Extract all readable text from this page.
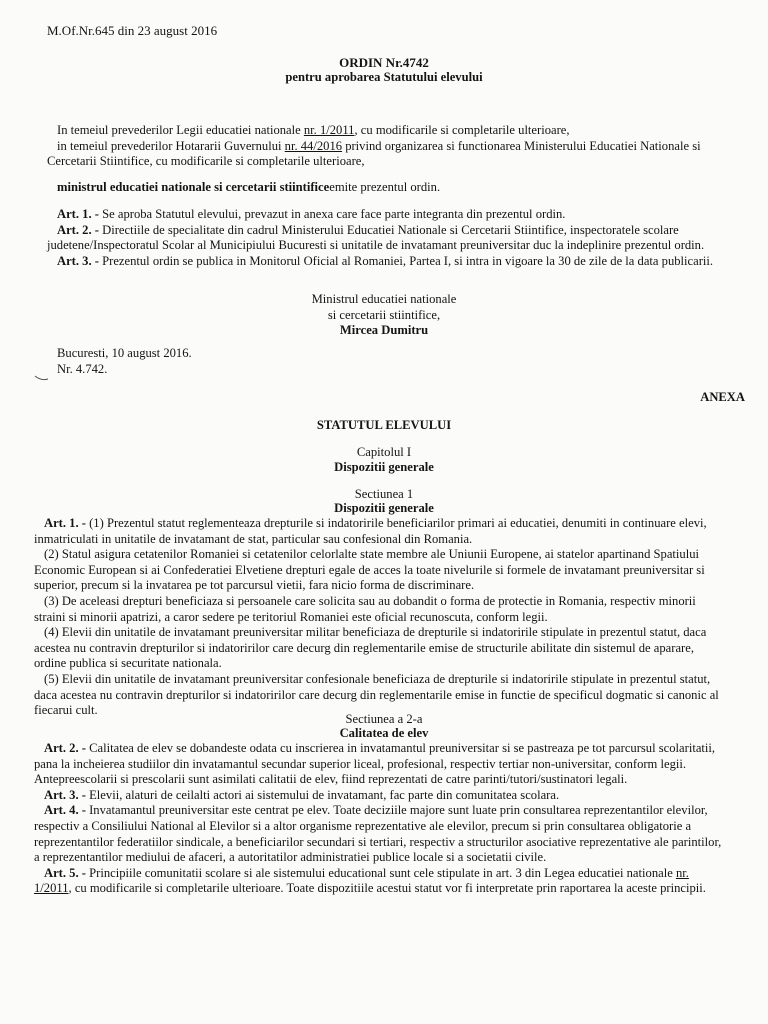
M.Of.Nr.645 din 23 august 2016
ORDIN Nr.4742
pentru aprobarea Statutului elevului

In temeiul prevederilor Legii educatiei nationale nr. 1/2011, cu modificarile si completarile ulterioare,

in temeiul prevederilor Hotararii Guvernului nr. 44/2016 privind organizarea si functionarea Ministerului Educatiei Nationale si Cercetarii Stiintifice, cu modificarile si completarile ulterioare,

ministrul educatiei nationale si cercetarii stiintificeemite prezentul ordin.

Art. 1. - Se aproba Statutul elevului, prevazut in anexa care face parte integranta din prezentul ordin.

Art. 2. - Directiile de specialitate din cadrul Ministerului Educatiei Nationale si Cercetarii Stiintifice, inspectoratele scolare judetene/Inspectoratul Scolar al Municipiului Bucuresti si unitatile de invatamant preuniversitar duc la indeplinire prezentul ordin.

Art. 3. - Prezentul ordin se publica in Monitorul Oficial al Romaniei, Partea I, si intra in vigoare la 30 de zile de la data publicarii.

Ministrul educatiei nationale
si cercetarii stiintifice,
Mircea Dumitru

Bucuresti, 10 august 2016.

Nr. 4.742.

ANEXA
STATUTUL ELEVULUI
Capitolul I
Dispozitii generale
Sectiunea 1
Dispozitii generale

Art. 1. - (1) Prezentul statut reglementeaza drepturile si indatoririle beneficiarilor primari ai educatiei, denumiti in continuare elevi, inmatriculati in unitatile de invatamant de stat, particular sau confesional din Romania.

(2) Statul asigura cetatenilor Romaniei si cetatenilor celorlalte state membre ale Uniunii Europene, ai statelor apartinand Spatiului Economic European si ai Confederatiei Elvetiene drepturi egale de acces la toate nivelurile si formele de invatamant preuniversitar si superior, precum si la invatarea pe tot parcursul vietii, fara nicio forma de discriminare.

(3) De aceleasi drepturi beneficiaza si persoanele care solicita sau au dobandit o forma de protectie in Romania, respectiv minorii straini si minorii apatrizi, a caror sedere pe teritoriul Romaniei este oficial recunoscuta, conform legii.

(4) Elevii din unitatile de invatamant preuniversitar militar beneficiaza de drepturile si indatoririle stipulate in prezentul statut, daca acestea nu contravin drepturilor si indatoririlor care decurg din reglementarile emise de structurile abilitate din sistemul de aparare, ordine publica si securitate nationala.

(5) Elevii din unitatile de invatamant preuniversitar confesionale beneficiaza de drepturile si indatoririle stipulate in prezentul statut, daca acestea nu contravin drepturilor si indatoririlor care decurg din reglementarile emise in functie de specificul dogmatic si canonic al fiecarui cult.

Sectiunea a 2-a
Calitatea de elev

Art. 2. - Calitatea de elev se dobandeste odata cu inscrierea in invatamantul preuniversitar si se pastreaza pe tot parcursul scolaritatii, pana la incheierea studiilor din invatamantul secundar superior liceal, profesional, respectiv tertiar non-universitar, conform legii. Antepreescolarii si prescolarii sunt asimilati calitatii de elev, fiind reprezentati de catre parinti/tutori/sustinatori legali.

Art. 3. - Elevii, alaturi de ceilalti actori ai sistemului de invatamant, fac parte din comunitatea scolara.

Art. 4. - Invatamantul preuniversitar este centrat pe elev. Toate deciziile majore sunt luate prin consultarea reprezentantilor elevilor, respectiv a Consiliului National al Elevilor si a altor organisme reprezentative ale elevilor, precum si prin consultarea obligatorie a reprezentantilor federatiilor sindicale, a beneficiarilor secundari si tertiari, respectiv a structurilor asociative reprezentative ale parintilor, a reprezentantilor mediului de afaceri, a autoritatilor administratiei publice locale si a societatii civile.

Art. 5. - Principiile comunitatii scolare si ale sistemului educational sunt cele stipulate in art. 3 din Legea educatiei nationale nr. 1/2011, cu modificarile si completarile ulterioare. Toate dispozitiile acestui statut vor fi interpretate prin raportarea la aceste principii.
